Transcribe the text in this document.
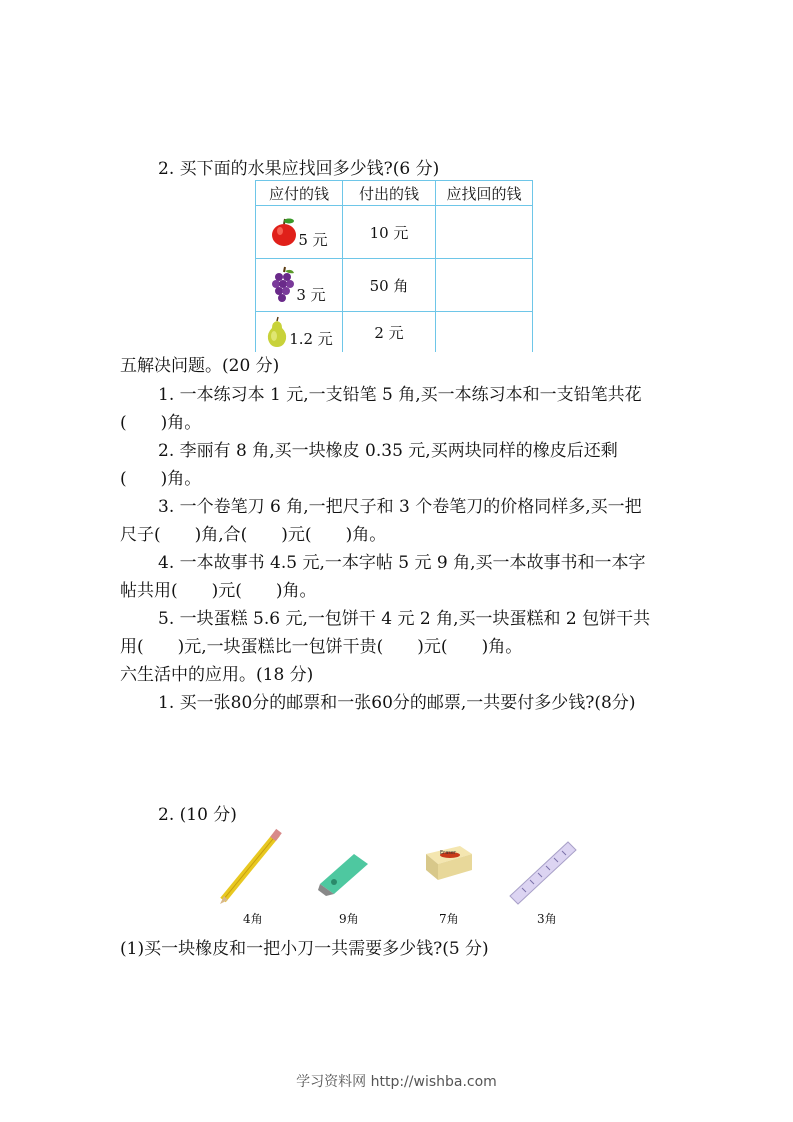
2. 买下面的水果应找回多少钱?(6 分)
应付的钱	付出的钱	应找回的钱

5 元	10 元	

3 元	50 角	

1.2 元	2 元	
五解决问题。(20 分)
1. 一本练习本 1 元,一支铅笔 5 角,买一本练习本和一支铅笔共花
(　　)角。
2. 李丽有 8 角,买一块橡皮 0.35 元,买两块同样的橡皮后还剩
(　　)角。
3. 一个卷笔刀 6 角,一把尺子和 3 个卷笔刀的价格同样多,买一把
尺子(　　)角,合(　　)元(　　)角。
4. 一本故事书 4.5 元,一本字帖 5 元 9 角,买一本故事书和一本字
帖共用(　　)元(　　)角。
5. 一块蛋糕 5.6 元,一包饼干 4 元 2 角,买一块蛋糕和 2 包饼干共
用(　　)元,一块蛋糕比一包饼干贵(　　)元(　　)角。
六生活中的应用。(18 分)
1. 买一张80分的邮票和一张60分的邮票,一共要付多少钱?(8分)
2. (10 分)
Eraser
4角	9角	7角	3角
(1)买一块橡皮和一把小刀一共需要多少钱?(5 分)
学习资料网 http://wishba.com
